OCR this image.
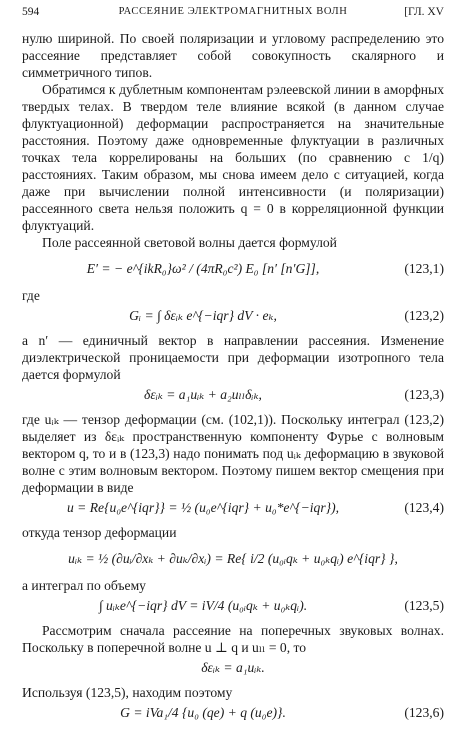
594	РАССЕЯНИЕ ЭЛЕКТРОМАГНИТНЫХ ВОЛН	[ГЛ. XV

нулю шириной. По своей поляризации и угловому распределению это рассеяние представляет собой совокупность скалярного и симметричного типов.

Обратимся к дублетным компонентам рэлеевской линии в аморфных твердых телах. В твердом теле влияние всякой (в данном случае флуктуационной) деформации распространяется на значительные расстояния. Поэтому даже одновременные флуктуации в различных точках тела коррелированы на больших (по сравнению с 1/q) расстояниях. Таким образом, мы снова имеем дело с ситуацией, когда даже при вычислении полной интенсивности (и поляризации) рассеянного света нельзя положить q = 0 в корреляционной функции флуктуаций.

Поле рассеянной световой волны дается формулой

E′ = − e^{ikR₀}ω² / (4πR₀c²) E₀ [n′ [n′G]],	(123,1)

где

Gᵢ = ∫ δεᵢₖ e^{−iqr} dV · eₖ,	(123,2)

а n′ — единичный вектор в направлении рассеяния. Изменение диэлектрической проницаемости при деформации изотропного тела дается формулой

δεᵢₖ = a₁uᵢₖ + a₂uₗₗδᵢₖ,	(123,3)

где uᵢₖ — тензор деформации (см. (102,1)). Поскольку интеграл (123,2) выделяет из δεᵢₖ пространственную компоненту Фурье с волновым вектором q, то и в (123,3) надо понимать под uᵢₖ деформацию в звуковой волне с этим волновым вектором. Поэтому пишем вектор смещения при деформации в виде

u = Re{u₀e^{iqr}} = ½ (u₀e^{iqr} + u₀*e^{−iqr}),	(123,4)

откуда тензор деформации

uᵢₖ = ½ (∂uᵢ/∂xₖ + ∂uₖ/∂xᵢ) = Re{ i/2 (u₀ᵢqₖ + u₀ₖqᵢ) e^{iqr} },

а интеграл по объему

∫ uᵢₖe^{−iqr} dV = iV/4 (u₀ᵢqₖ + u₀ₖqᵢ).	(123,5)

Рассмотрим сначала рассеяние на поперечных звуковых волнах. Поскольку в поперечной волне u ⊥ q и uₗₗ = 0, то

δεᵢₖ = a₁uᵢₖ.

Используя (123,5), находим поэтому

G = iVa₁/4 {u₀ (qe) + q (u₀e)}.	(123,6)
